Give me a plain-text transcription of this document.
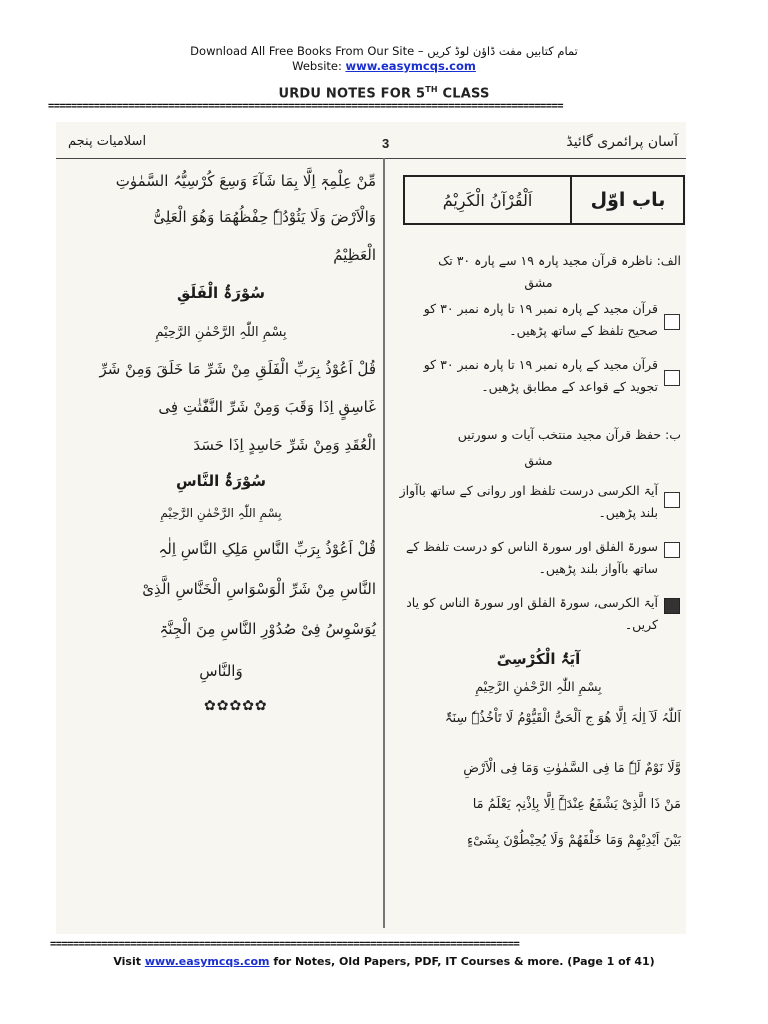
Download All Free Books From Our Site – تمام کتابیں مفت ڈاؤن لوڈ کریں
Website: www.easymcqs.com
URDU NOTES FOR 5TH CLASS
==========================================================================================
آسان پرائمری گائیڈ
3
اسلامیات پنجم
اَلْقُرْآنُ الْکَرِیْمُ	باب اوّل
الف: ناظرہ قرآن مجید پارہ ۱۹ سے پارہ ۳۰ تک
مشق
قرآن مجید کے پارہ نمبر ۱۹ تا پارہ نمبر ۳۰ کو صحیح تلفظ کے ساتھ پڑھیں۔
قرآن مجید کے پارہ نمبر ۱۹ تا پارہ نمبر ۳۰ کو تجوید کے قواعد کے مطابق پڑھیں۔
ب: حفظ قرآن مجید منتخب آیات و سورتیں
مشق
آیۃ الکرسی درست تلفظ اور روانی کے ساتھ باآواز بلند پڑھیں۔
سورۃ الفلق اور سورۃ الناس کو درست تلفظ کے ساتھ باآواز بلند پڑھیں۔
آیۃ الکرسی، سورۃ الفلق اور سورۃ الناس کو یاد کریں۔
آیَۃُ الْکُرْسِیّ
بِسْمِ اللّٰہِ الرَّحْمٰنِ الرَّحِیْمِ
اَللّٰہُ لَآ اِلٰہَ اِلَّا ھُوَ ج اَلْحَیُّ الْقَیُّوْمُ لَا تَاْخُذُہٗ سِنَۃٌ
وَّلَا نَوْمٌ لَہٗ مَا فِی السَّمٰوٰتِ وَمَا فِی الْاَرْضِ
مَنْ ذَا الَّذِیْ یَشْفَعُ عِنْدَہٗٓ اِلَّا بِاِذْنِہٖ یَعْلَمُ مَا
بَیْنَ اَیْدِیْھِمْ وَمَا خَلْفَھُمْ وَلَا یُحِیْطُوْنَ بِشَیْءٍ
مِّنْ عِلْمِہٖٓ اِلَّا بِمَا شَآءَ وَسِعَ کُرْسِیُّہُ السَّمٰوٰتِ
وَالْاَرْضَ وَلَا یَئُوْدُہٗ حِفْظُھُمَا وَھُوَ الْعَلِیُّ
الْعَظِیْمُ
سُوْرَۃُ الْفَلَقِ
بِسْمِ اللّٰہِ الرَّحْمٰنِ الرَّحِیْمِ
قُلْ اَعُوْذُ بِرَبِّ الْفَلَقِ مِنْ شَرِّ مَا خَلَقَ وَمِنْ شَرِّ
غَاسِقٍ اِذَا وَقَبَ وَمِنْ شَرِّ النَّفّٰثٰتِ فِی
الْعُقَدِ وَمِنْ شَرِّ حَاسِدٍ اِذَا حَسَدَ
سُوْرَۃُ النَّاسِ
بِسْمِ اللّٰہِ الرَّحْمٰنِ الرَّحِیْمِ
قُلْ اَعُوْذُ بِرَبِّ النَّاسِ مَلِکِ النَّاسِ اِلٰہِ
النَّاسِ مِنْ شَرِّ الْوَسْوَاسِ الْخَنَّاسِ الَّذِیْ
یُوَسْوِسُ فِیْ صُدُوْرِ النَّاسِ مِنَ الْجِنَّۃِ
وَالنَّاسِ
✿✿✿✿✿
==================================================================================
Visit www.easymcqs.com for Notes, Old Papers, PDF, IT Courses & more. (Page 1 of 41)
